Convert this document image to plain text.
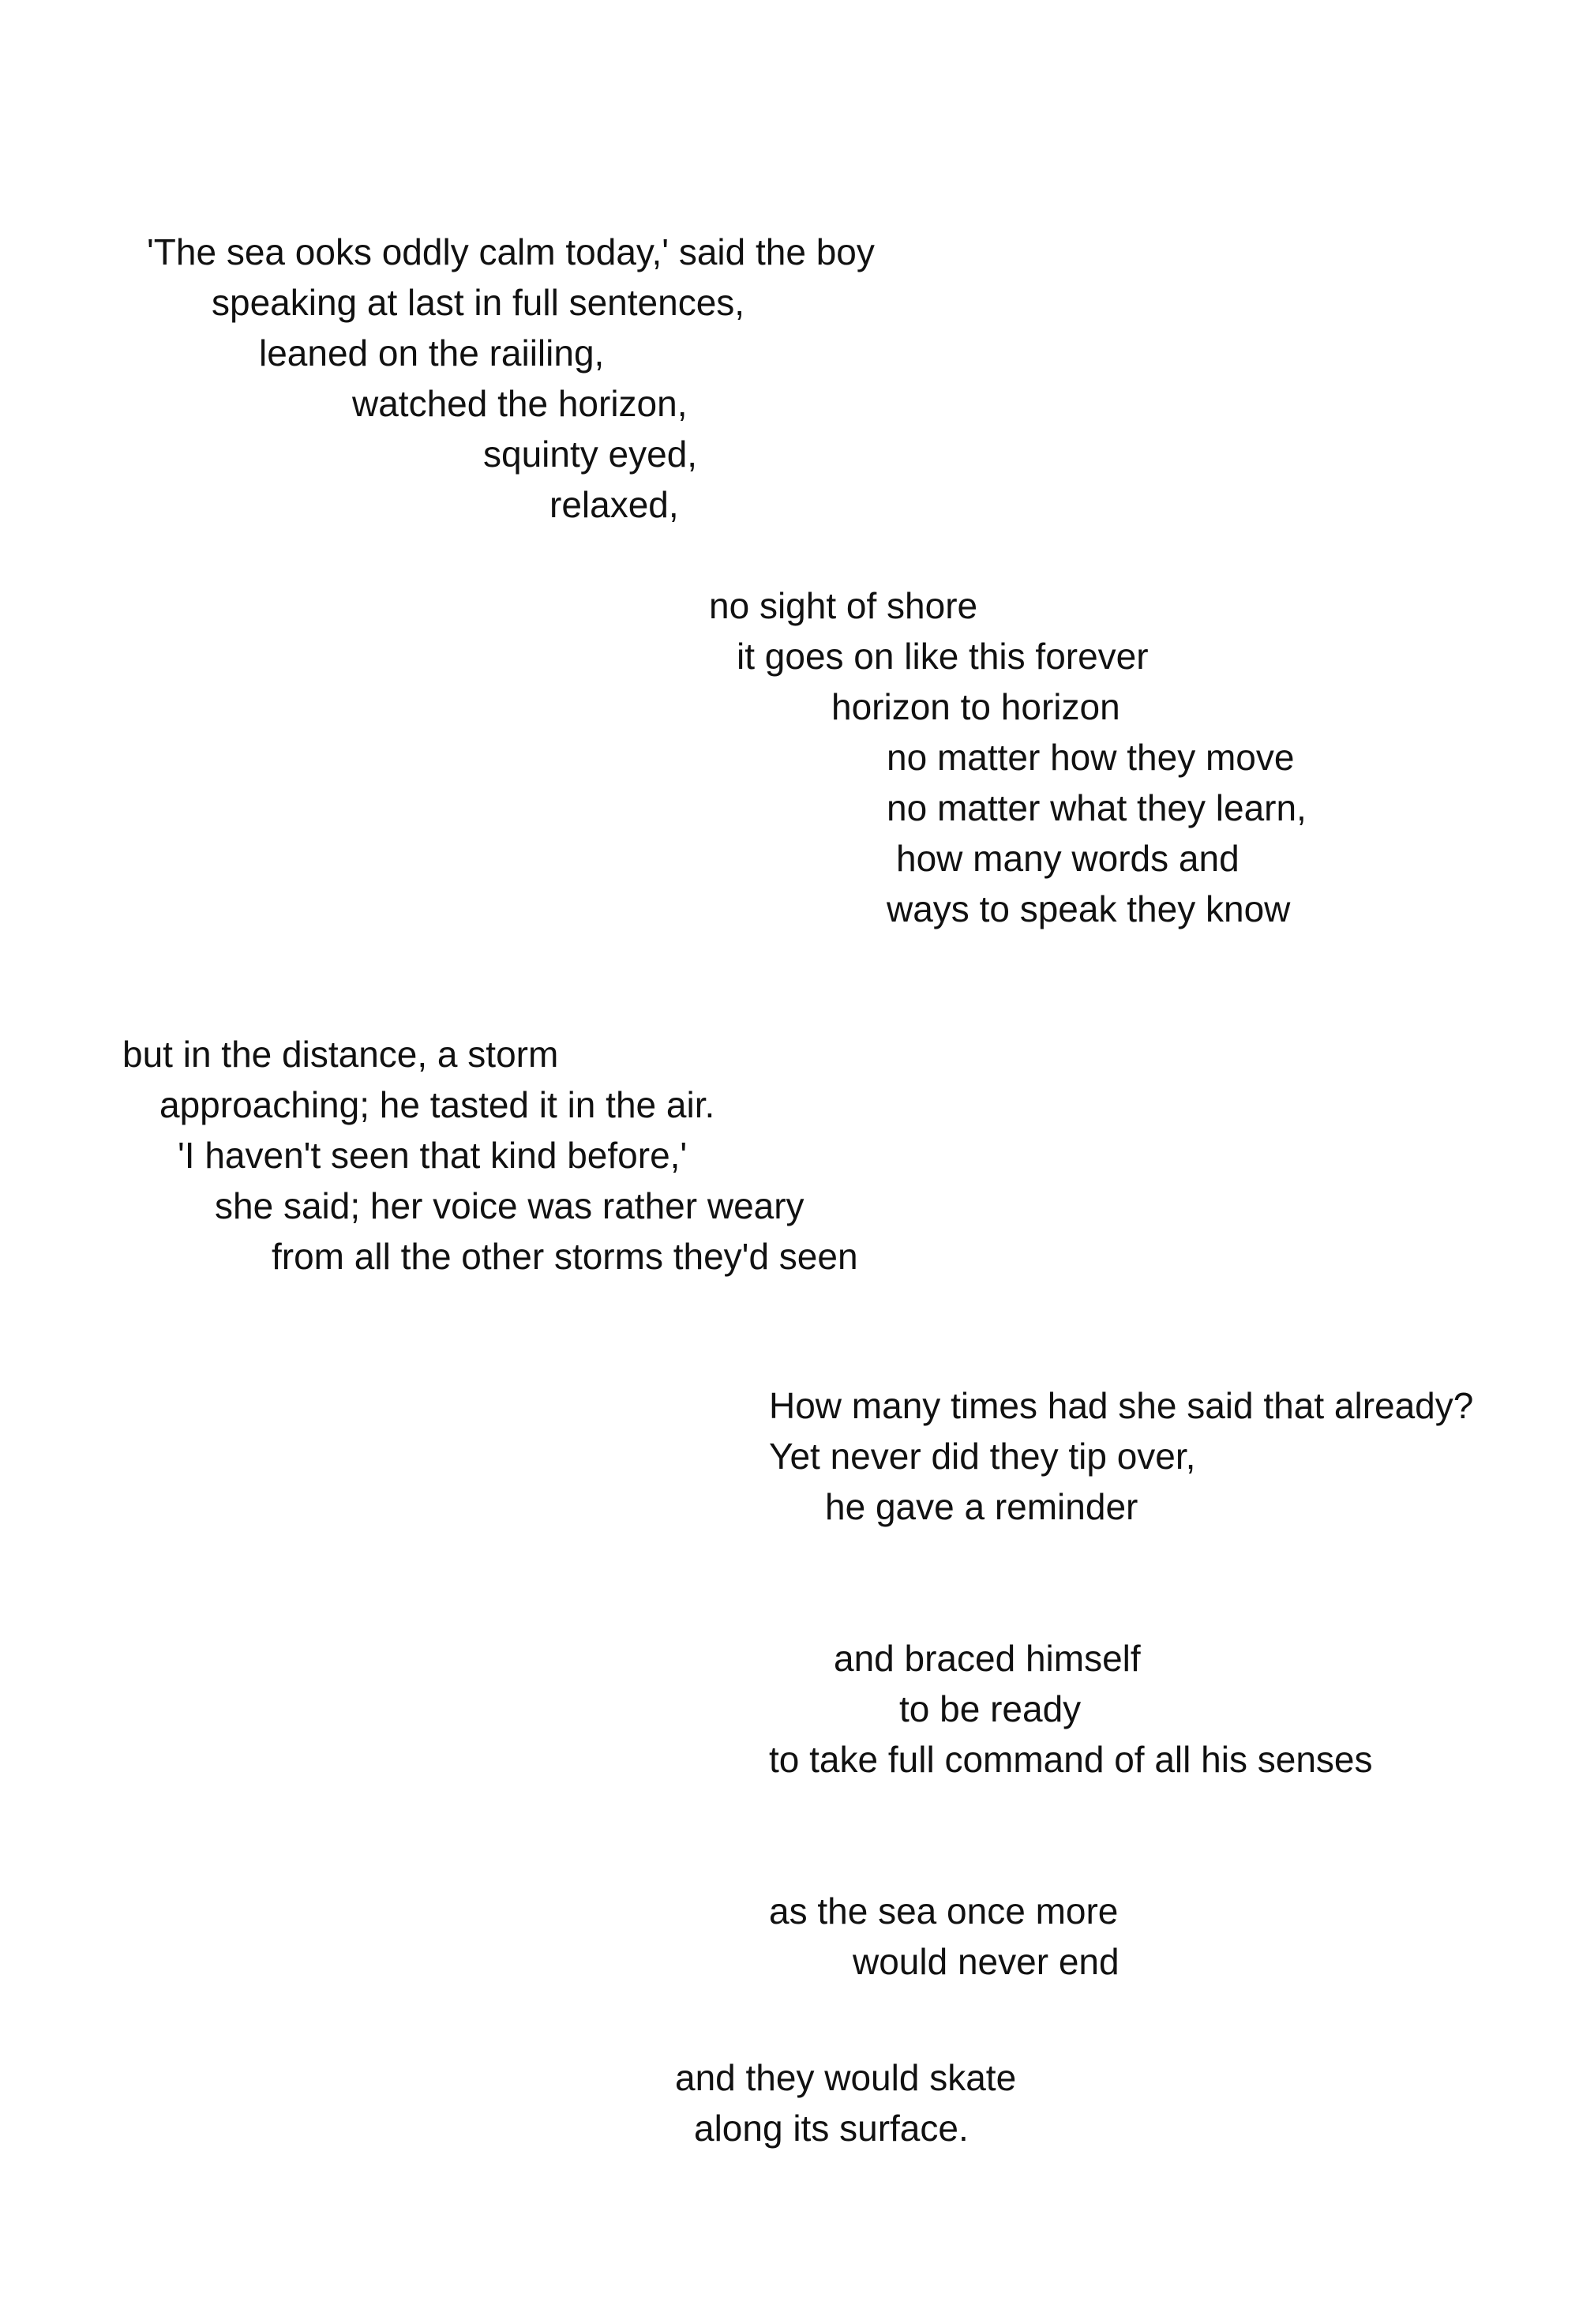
'The sea ooks oddly calm today,' said the boy
speaking at last in full sentences,
leaned on the raiiling,
watched the horizon,
squinty eyed,
relaxed,
no sight of shore
it goes on like this forever
horizon to horizon
no matter how they move
no matter what they learn,
how many words and
ways to speak they know
but in the distance, a storm
approaching; he tasted it in the air.
'I haven't seen that kind before,'
she said; her voice was rather weary
from all the other storms they'd seen
How many times had she said that already?
Yet never did they tip over,
he gave a reminder
and braced himself
to be ready
to take full command of all his senses
as the sea once more
would never end
and they would skate
along its surface.
